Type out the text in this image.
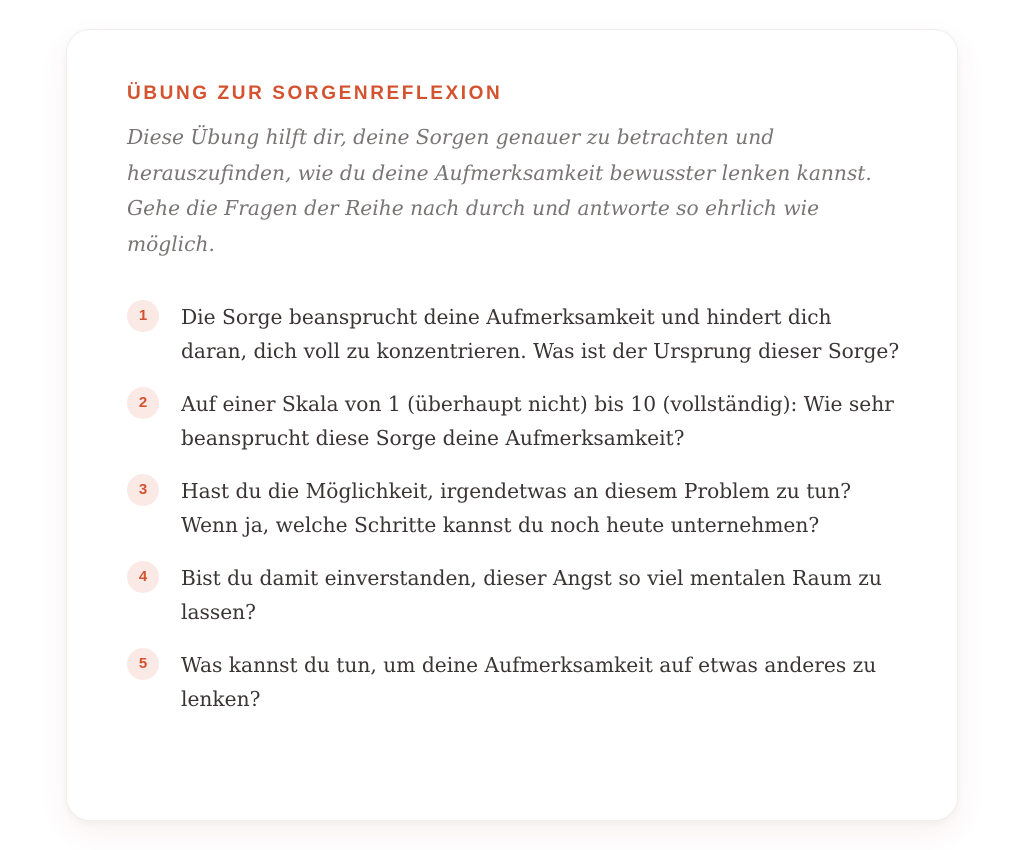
ÜBUNG ZUR SORGENREFLEXION

Diese Übung hilft dir, deine Sorgen genauer zu betrachten und herauszufinden, wie du deine Aufmerksamkeit bewusster lenken kannst. Gehe die Fragen der Reihe nach durch und antworte so ehrlich wie möglich.

1	Die Sorge beansprucht deine Aufmerksamkeit und hindert dich daran, dich voll zu konzentrieren. Was ist der Ursprung dieser Sorge?
2	Auf einer Skala von 1 (überhaupt nicht) bis 10 (vollständig): Wie sehr beansprucht diese Sorge deine Aufmerksamkeit?
3	Hast du die Möglichkeit, irgendetwas an diesem Problem zu tun? Wenn ja, welche Schritte kannst du noch heute unternehmen?
4	Bist du damit einverstanden, dieser Angst so viel mentalen Raum zu lassen?
5	Was kannst du tun, um deine Aufmerksamkeit auf etwas anderes zu lenken?
